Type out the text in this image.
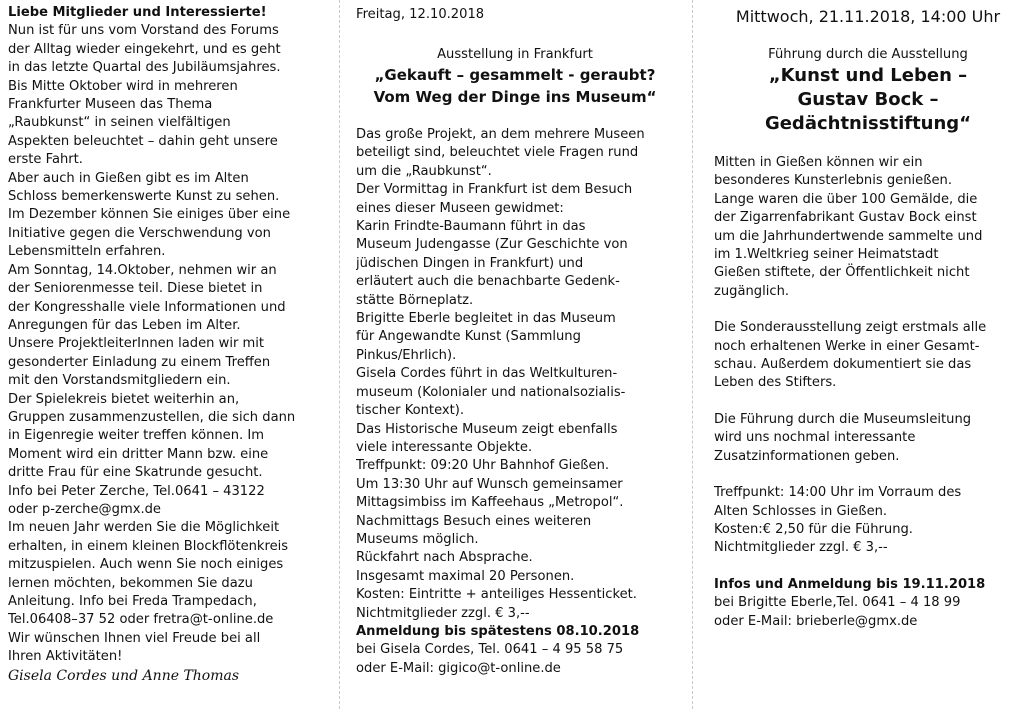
Liebe Mitglieder und Interessierte!
Nun ist für uns vom Vorstand des Forums
der Alltag wieder eingekehrt, und es geht
in das letzte Quartal des Jubiläumsjahres.
Bis Mitte Oktober wird in mehreren
Frankfurter Museen das Thema
„Raubkunst“ in seinen vielfältigen
Aspekten beleuchtet – dahin geht unsere
erste Fahrt.
Aber auch in Gießen gibt es im Alten
Schloss bemerkenswerte Kunst zu sehen.
Im Dezember können Sie einiges über eine
Initiative gegen die Verschwendung von
Lebensmitteln erfahren.
Am Sonntag, 14.Oktober, nehmen wir an
der Seniorenmesse teil. Diese bietet in
der Kongresshalle viele Informationen und
Anregungen für das Leben im Alter.
Unsere ProjektleiterInnen laden wir mit
gesonderter Einladung zu einem Treffen
mit den Vorstandsmitgliedern ein.
Der Spielekreis bietet weiterhin an,
Gruppen zusammenzustellen, die sich dann
in Eigenregie weiter treffen können. Im
Moment wird ein dritter Mann bzw. eine
dritte Frau für eine Skatrunde gesucht.
Info bei Peter Zerche, Tel.0641 – 43122
oder p-zerche@gmx.de
Im neuen Jahr werden Sie die Möglichkeit
erhalten, in einem kleinen Blockflötenkreis
mitzuspielen. Auch wenn Sie noch einiges
lernen möchten, bekommen Sie dazu
Anleitung. Info bei Freda Trampedach,
Tel.06408–37 52 oder fretra@t-online.de
Wir wünschen Ihnen viel Freude bei all
Ihren Aktivitäten!

Gisela Cordes und Anne Thomas

Freitag, 12.10.2018

Ausstellung in Frankfurt

„Gekauft – gesammelt - geraubt?
Vom Weg der Dinge ins Museum“

Das große Projekt, an dem mehrere Museen
beteiligt sind, beleuchtet viele Fragen rund
um die „Raubkunst“.
Der Vormittag in Frankfurt ist dem Besuch
eines dieser Museen gewidmet:
Karin Frindte-Baumann führt in das
Museum Judengasse (Zur Geschichte von
jüdischen Dingen in Frankfurt) und
erläutert auch die benachbarte Gedenk-
stätte Börneplatz.
Brigitte Eberle begleitet in das Museum
für Angewandte Kunst (Sammlung
Pinkus/Ehrlich).
Gisela Cordes führt in das Weltkulturen-
museum (Kolonialer und nationalsozialis-
tischer Kontext).
Das Historische Museum zeigt ebenfalls
viele interessante Objekte.
Treffpunkt: 09:20 Uhr Bahnhof Gießen.
Um 13:30 Uhr auf Wunsch gemeinsamer
Mittagsimbiss im Kaffeehaus „Metropol“.
Nachmittags Besuch eines weiteren
Museums möglich.
Rückfahrt nach Absprache.
Insgesamt maximal 20 Personen.
Kosten: Eintritte + anteiliges Hessenticket.
Nichtmitglieder zzgl. € 3,--

Anmeldung bis spätestens 08.10.2018
bei Gisela Cordes, Tel. 0641 – 4 95 58 75
oder E-Mail: gigico@t-online.de

Mittwoch, 21.11.2018, 14:00 Uhr

Führung durch die Ausstellung

„Kunst und Leben –
Gustav Bock –
Gedächtnisstiftung“

Mitten in Gießen können wir ein
besonderes Kunsterlebnis genießen.
Lange waren die über 100 Gemälde, die
der Zigarrenfabrikant Gustav Bock einst
um die Jahrhundertwende sammelte und
im 1.Weltkrieg seiner Heimatstadt
Gießen stiftete, der Öffentlichkeit nicht
zugänglich.

Die Sonderausstellung zeigt erstmals alle
noch erhaltenen Werke in einer Gesamt-
schau. Außerdem dokumentiert sie das
Leben des Stifters.

Die Führung durch die Museumsleitung
wird uns nochmal interessante
Zusatzinformationen geben.

Treffpunkt: 14:00 Uhr im Vorraum des
Alten Schlosses in Gießen.
Kosten:€ 2,50 für die Führung.
Nichtmitglieder zzgl. € 3,--

Infos und Anmeldung bis 19.11.2018
bei Brigitte Eberle,Tel. 0641 – 4 18 99
oder E-Mail: brieberle@gmx.de
